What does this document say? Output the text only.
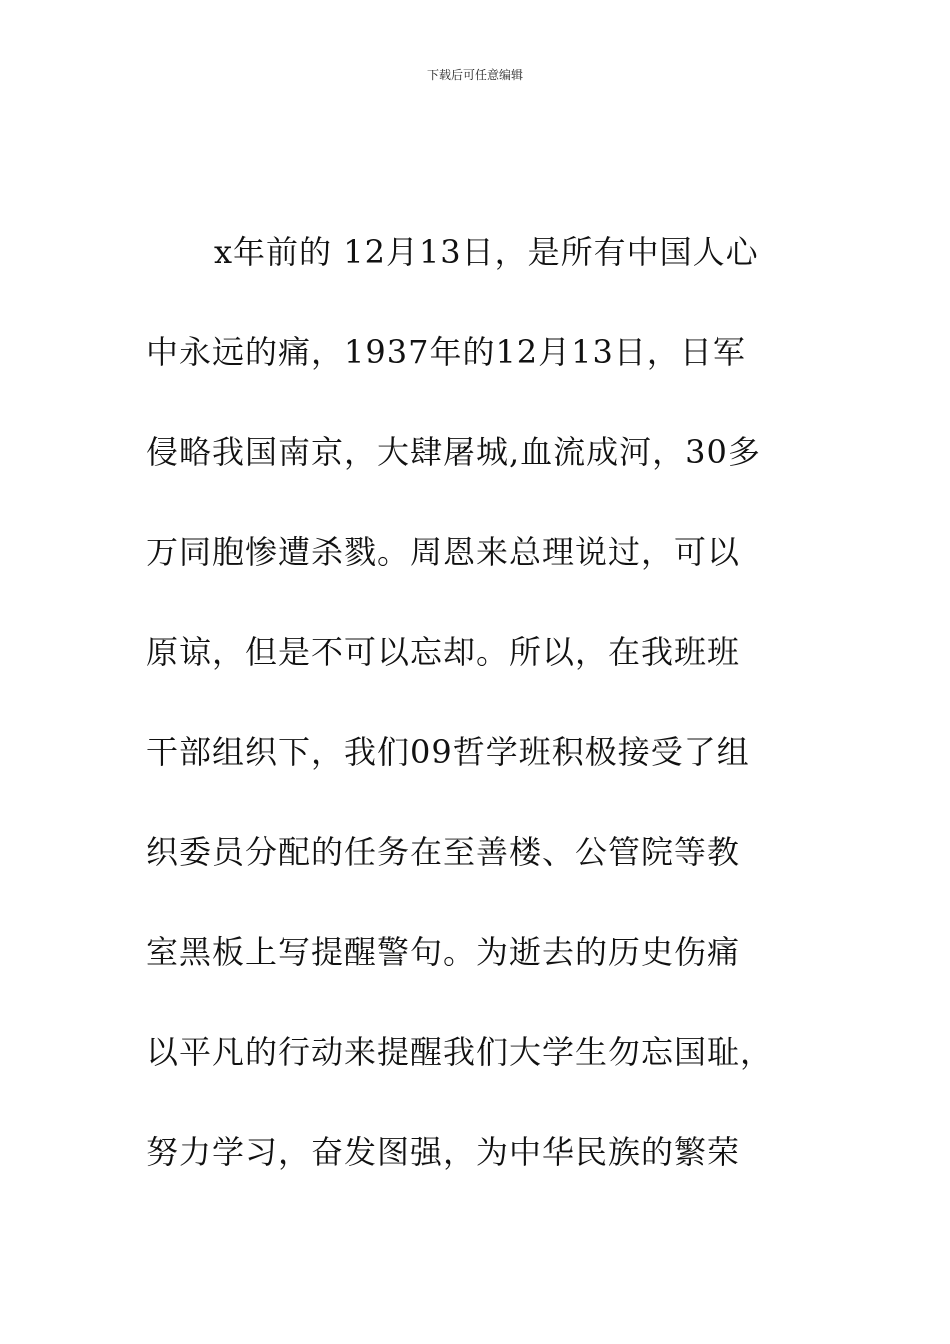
下载后可任意编辑
x年前的 12月13日，是所有中国人心
中永远的痛，1937年的12月13日，日军
侵略我国南京，大肆屠城,血流成河，30多
万同胞惨遭杀戮。周恩来总理说过，可以
原谅，但是不可以忘却。所以，在我班班
干部组织下，我们09哲学班积极接受了组
织委员分配的任务在至善楼、公管院等教
室黑板上写提醒警句。为逝去的历史伤痛
以平凡的行动来提醒我们大学生勿忘国耻，
努力学习，奋发图强，为中华民族的繁荣
